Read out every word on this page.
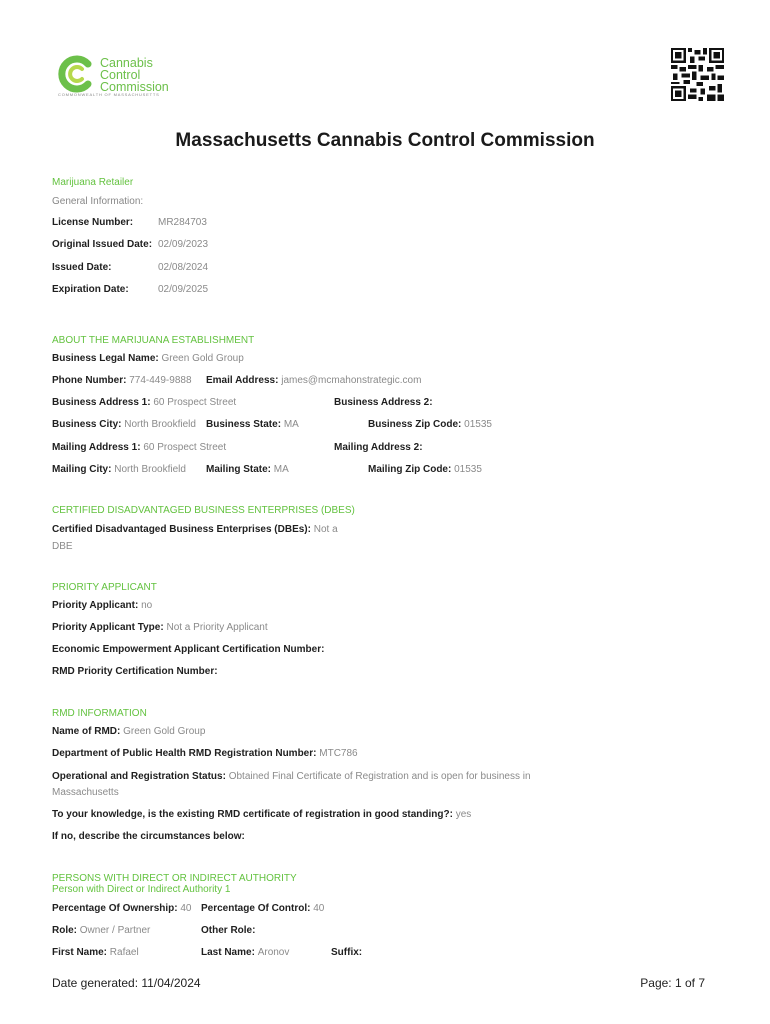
Cannabis
Control
Commission
COMMONWEALTH OF MASSACHUSETTS
Massachusetts Cannabis Control Commission
Marijuana Retailer
General Information:
License Number: MR284703
Original Issued Date: 02/09/2023
Issued Date:	02/08/2024
Expiration Date:	02/09/2025
ABOUT THE MARIJUANA ESTABLISHMENT
Business Legal Name: Green Gold Group
Phone Number: 774-449-9888 Email Address: james@mcmahonstrategic.com
Business Address 1: 60 Prospect Street	Business Address 2:
Business City: North Brookfield Business State: MA	Business Zip Code: 01535
Mailing Address 1: 60 Prospect Street	Mailing Address 2:
Mailing City: North Brookfield Mailing State: MA	Mailing Zip Code: 01535
CERTIFIED DISADVANTAGED BUSINESS ENTERPRISES (DBES)
Certified Disadvantaged Business Enterprises (DBEs): Not a
DBE
PRIORITY APPLICANT
Priority Applicant: no
Priority Applicant Type: Not a Priority Applicant
Economic Empowerment Applicant Certification Number:
RMD Priority Certification Number:
RMD INFORMATION
Name of RMD: Green Gold Group
Department of Public Health RMD Registration Number: MTC786
Operational and Registration Status: Obtained Final Certificate of Registration and is open for business in
Massachusetts
To your knowledge, is the existing RMD certificate of registration in good standing?: yes
If no, describe the circumstances below:
PERSONS WITH DIRECT OR INDIRECT AUTHORITY
Person with Direct or Indirect Authority 1
Percentage Of Ownership: 40 Percentage Of Control: 40
Role: Owner / Partner	Other Role:
First Name: Rafael	Last Name: Aronov	Suffix:
Date generated: 11/04/2024	Page: 1 of 7
